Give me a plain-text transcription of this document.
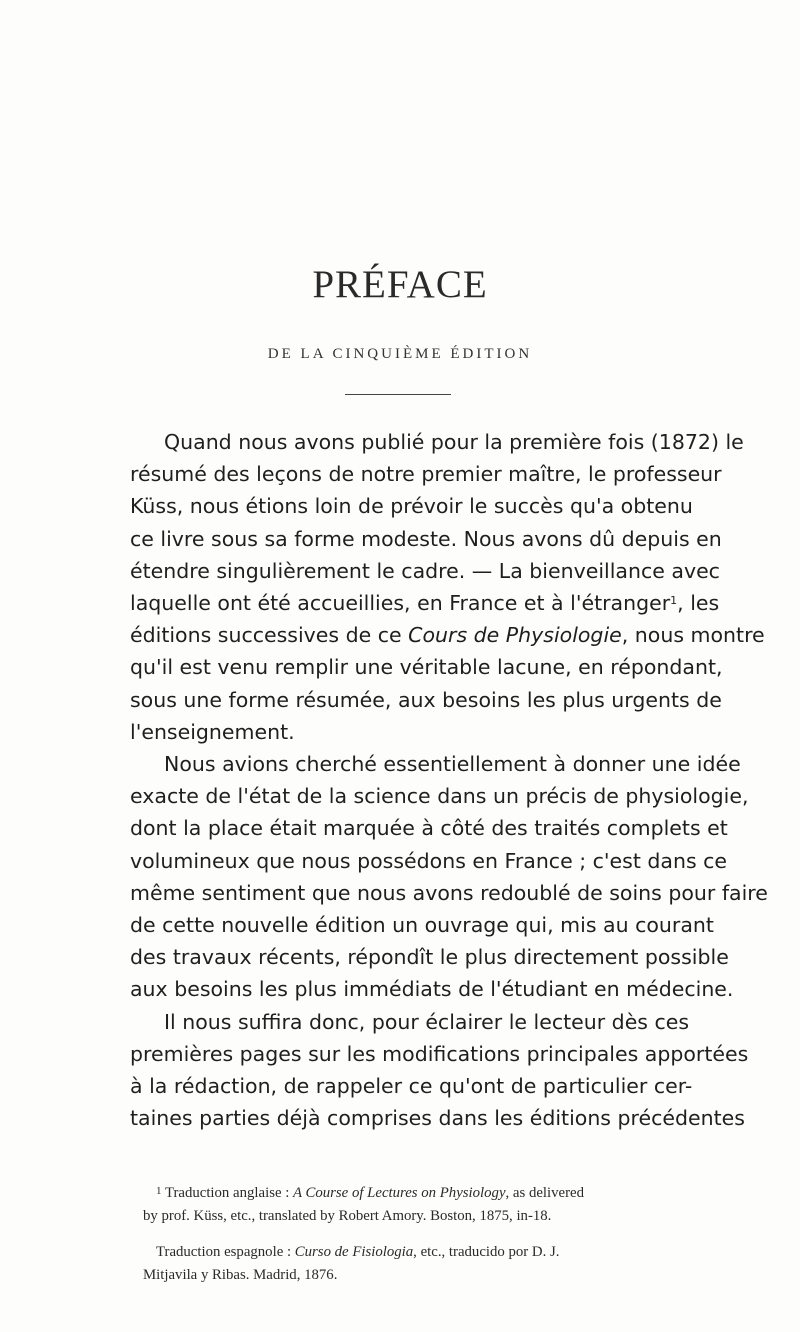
PRÉFACE
DE LA CINQUIÈME ÉDITION
Quand nous avons publié pour la première fois (1872) le
résumé des leçons de notre premier maître, le professeur
Küss, nous étions loin de prévoir le succès qu'a obtenu
ce livre sous sa forme modeste. Nous avons dû depuis en
étendre singulièrement le cadre. — La bienveillance avec
laquelle ont été accueillies, en France et à l'étranger$^1$, les
éditions successives de ce Cours de Physiologie, nous montre
qu'il est venu remplir une véritable lacune, en répondant,
sous une forme résumée, aux besoins les plus urgents de
l'enseignement.
Nous avions cherché essentiellement à donner une idée
exacte de l'état de la science dans un précis de physiologie,
dont la place était marquée à côté des traités complets et
volumineux que nous possédons en France ; c'est dans ce
même sentiment que nous avons redoublé de soins pour faire
de cette nouvelle édition un ouvrage qui, mis au courant
des travaux récents, répondît le plus directement possible
aux besoins les plus immédiats de l'étudiant en médecine.
Il nous suffira donc, pour éclairer le lecteur dès ces
premières pages sur les modifications principales apportées
à la rédaction, de rappeler ce qu'ont de particulier cer-
taines parties déjà comprises dans les éditions précédentes
$^1$ Traduction anglaise : A Course of Lectures on Physiology, as delivered
by prof. Küss, etc., translated by Robert Amory. Boston, 1875, in-18.
Traduction espagnole : Curso de Fisiologia, etc., traducido por D. J.
Mitjavila y Ribas. Madrid, 1876.
